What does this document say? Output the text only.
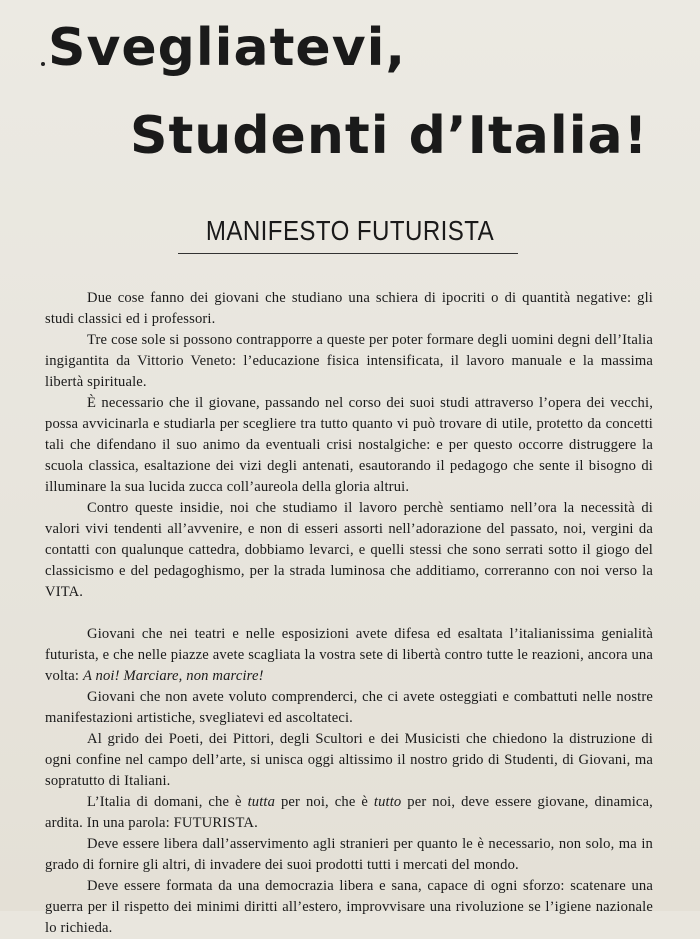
Svegliatevi,
Studenti d’Italia!
MANIFESTO FUTURISTA

Due cose fanno dei giovani che studiano una schiera di ipocriti o di quantità negative: gli studi classici ed i professori.

Tre cose sole si possono contrapporre a queste per poter formare degli uomini degni dell’Italia ingigantita da Vittorio Veneto: l’educazione fisica intensificata, il lavoro manuale e la massima libertà spirituale.

È necessario che il giovane, passando nel corso dei suoi studi attraverso l’opera dei vecchi, possa avvicinarla e studiarla per scegliere tra tutto quanto vi può trovare di utile, protetto da concetti tali che difendano il suo animo da eventuali crisi nostalgiche: e per questo occorre distruggere la scuola classica, esaltazione dei vizi degli antenati, esautorando il pedagogo che sente il bisogno di illuminare la sua lucida zucca coll’aureola della gloria altrui.

Contro queste insidie, noi che studiamo il lavoro perchè sentiamo nell’ora la necessità di valori vivi tendenti all’avvenire, e non di esseri assorti nell’adorazione del passato, noi, vergini da contatti con qualunque cattedra, dobbiamo levarci, e quelli stessi che sono serrati sotto il giogo del classicismo e del pedagoghismo, per la strada luminosa che additiamo, correranno con noi verso la VITA.

Giovani che nei teatri e nelle esposizioni avete difesa ed esaltata l’italianissima genialità futurista, e che nelle piazze avete scagliata la vostra sete di libertà contro tutte le reazioni, ancora una volta: A noi! Marciare, non marcire!

Giovani che non avete voluto comprenderci, che ci avete osteggiati e combattuti nelle nostre manifestazioni artistiche, svegliatevi ed ascoltateci.

Al grido dei Poeti, dei Pittori, degli Scultori e dei Musicisti che chiedono la distruzione di ogni confine nel campo dell’arte, si unisca oggi altissimo il nostro grido di Studenti, di Giovani, ma sopratutto di Italiani.

L’Italia di domani, che è tutta per noi, che è tutto per noi, deve essere giovane, dinamica, ardita. In una parola: FUTURISTA.

Deve essere libera dall’asservimento agli stranieri per quanto le è necessario, non solo, ma in grado di fornire gli altri, di invadere dei suoi prodotti tutti i mercati del mondo.

Deve essere formata da una democrazia libera e sana, capace di ogni sforzo: scatenare una guerra per il rispetto dei minimi diritti all’estero, improvvisare una rivoluzione se l’igiene nazionale lo richieda.
